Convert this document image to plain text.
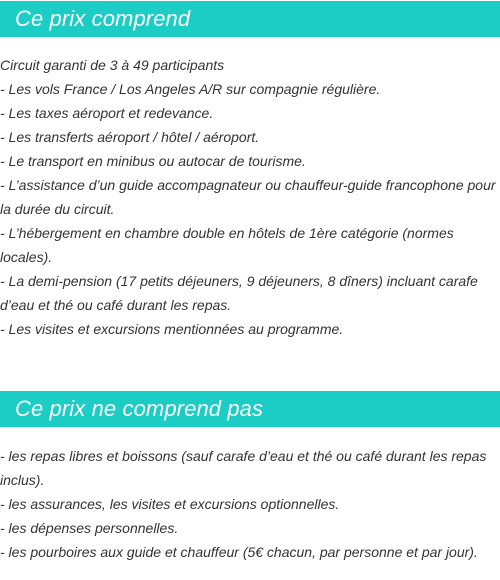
Ce prix comprend
Circuit garanti de 3 à 49 participants
- Les vols France / Los Angeles A/R sur compagnie régulière.
- Les taxes aéroport et redevance.
- Les transferts aéroport / hôtel / aéroport.
- Le transport en minibus ou autocar de tourisme.
- L’assistance d’un guide accompagnateur ou chauffeur-guide francophone pour
la durée du circuit.
- L’hébergement en chambre double en hôtels de 1ère catégorie (normes
locales).
- La demi-pension (17 petits déjeuners, 9 déjeuners, 8 dîners) incluant carafe
d’eau et thé ou café durant les repas.
- Les visites et excursions mentionnées au programme.
Ce prix ne comprend pas
- les repas libres et boissons (sauf carafe d’eau et thé ou café durant les repas
inclus).
- les assurances, les visites et excursions optionnelles.
- les dépenses personnelles.
- les pourboires aux guide et chauffeur (5€ chacun, par personne et par jour).
